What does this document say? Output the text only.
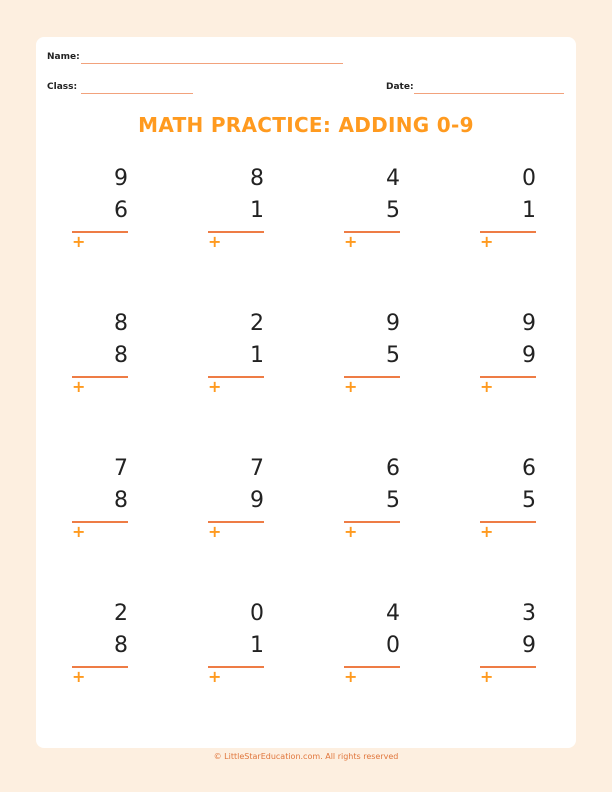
Name:
Class:	Date:
MATH PRACTICE: ADDING 0-9
9
6
+
8
1
+
4
5
+
0
1
+
8
8
+
2
1
+
9
5
+
9
9
+
7
8
+
7
9
+
6
5
+
6
5
+
2
8
+
0
1
+
4
0
+
3
9
+
© LittleStarEducation.com. All rights reserved
